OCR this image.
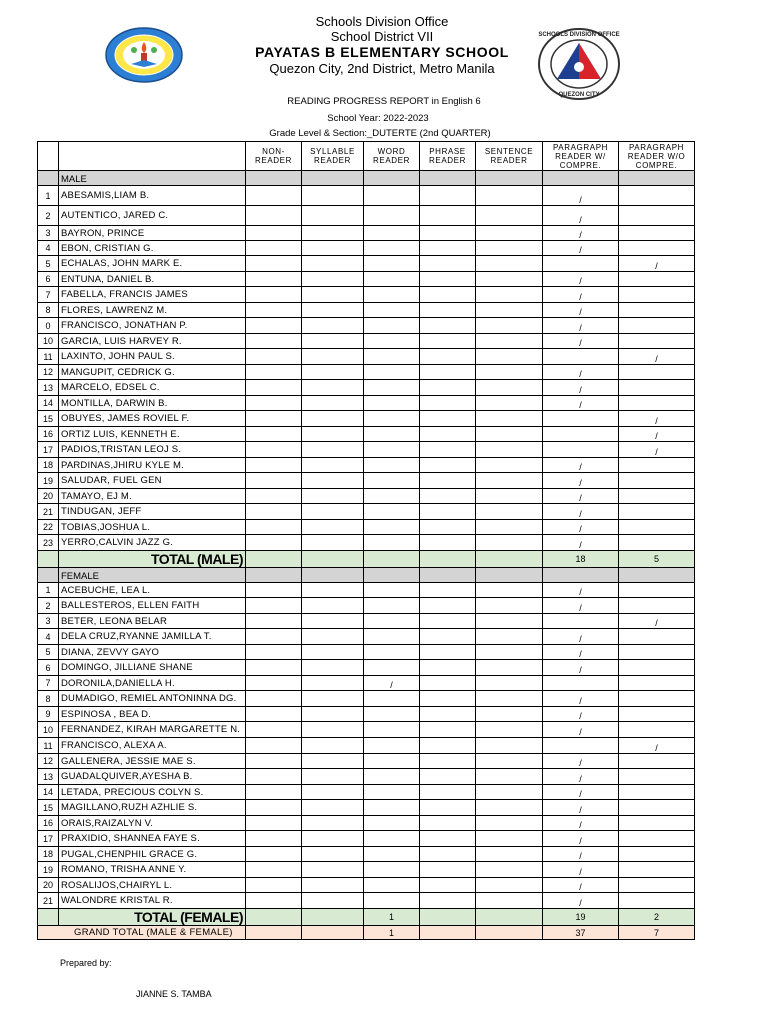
SCHOOLS DIVISION OFFICE
QUEZON CITY
Schools Division Office
School District VII
PAYATAS B ELEMENTARY SCHOOL
Quezon City, 2nd District, Metro Manila
READING PROGRESS REPORT in English 6
School Year: 2022-2023
Grade Level & Section:_DUTERTE (2nd QUARTER)
		NON-READER	SYLLABLE READER	WORD READER	PHRASE READER	SENTENCE READER	PARAGRAPH READER W/ COMPRE.	PARAGRAPH READER W/O COMPRE.
	MALE							
1	ABESAMIS,LIAM B.						/	
2	AUTENTICO, JARED C.						/	
3	BAYRON, PRINCE						/	
4	EBON, CRISTIAN G.						/	
5	ECHALAS, JOHN MARK E.							/
6	ENTUNA, DANIEL B.						/	
7	FABELLA, FRANCIS JAMES						/	
8	FLORES, LAWRENZ M.						/	
0	FRANCISCO, JONATHAN P.						/	
10	GARCIA, LUIS HARVEY R.						/	
11	LAXINTO, JOHN PAUL S.							/
12	MANGUPIT, CEDRICK G.						/	
13	MARCELO, EDSEL C.						/	
14	MONTILLA, DARWIN B.						/	
15	OBUYES, JAMES ROVIEL F.							/
16	ORTIZ LUIS, KENNETH E.							/
17	PADIOS,TRISTAN LEOJ S.							/
18	PARDINAS,JHIRU KYLE M.						/	
19	SALUDAR, FUEL GEN						/	
20	TAMAYO, EJ M.						/	
21	TINDUGAN, JEFF						/	
22	TOBIAS,JOSHUA L.						/	
23	YERRO,CALVIN JAZZ G.						/	
	TOTAL (MALE)						18	5
	FEMALE							
1	ACEBUCHE, LEA L.						/	
2	BALLESTEROS, ELLEN FAITH						/	
3	BETER, LEONA BELAR							/
4	DELA CRUZ,RYANNE JAMILLA T.						/	
5	DIANA, ZEVVY GAYO						/	
6	DOMINGO, JILLIANE SHANE						/	
7	DORONILA,DANIELLA H.			/				
8	DUMADIGO, REMIEL ANTONINNA DG.						/	
9	ESPINOSA , BEA D.						/	
10	FERNANDEZ, KIRAH MARGARETTE N.						/	
11	FRANCISCO, ALEXA A.							/
12	GALLENERA, JESSIE MAE S.						/	
13	GUADALQUIVER,AYESHA B.						/	
14	LETADA, PRECIOUS COLYN S.						/	
15	MAGILLANO,RUZH AZHLIE S.						/	
16	ORAIS,RAIZALYN V.						/	
17	PRAXIDIO, SHANNEA FAYE S.						/	
18	PUGAL,CHENPHIL GRACE G.						/	
19	ROMANO, TRISHA ANNE Y.						/	
20	ROSALIJOS,CHAIRYL L.						/	
21	WALONDRE KRISTAL R.						/	
	TOTAL (FEMALE)			1			19	2
GRAND TOTAL (MALE & FEMALE)				1			37	7
Prepared by:
JIANNE S. TAMBA
